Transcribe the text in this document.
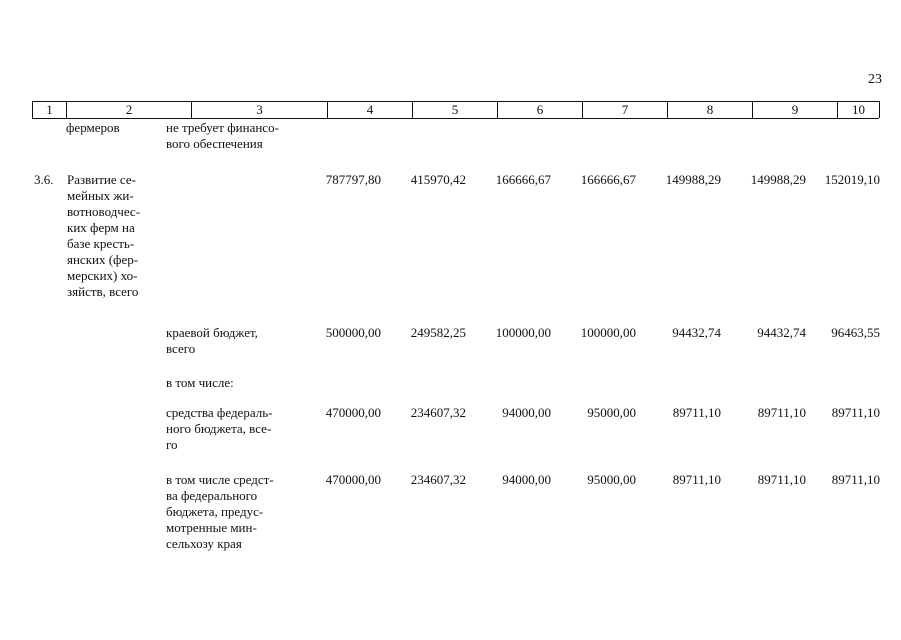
23
1	2	3	4	5	6	7	8	9	10
фермеров	не требует финансо-
вого обеспечения
3.6.	Развитие се-
мейных жи-
вотноводчес-
ких ферм на
базе кресть-
янских (фер-
мерских) хо-
зяйств, всего
787797,80	415970,42	166666,67	166666,67	149988,29	149988,29	152019,10
краевой бюджет,
всего
500000,00	249582,25	100000,00	100000,00	94432,74	94432,74	96463,55
в том числе:
средства федераль-
ного бюджета, все-
го
470000,00	234607,32	94000,00	95000,00	89711,10	89711,10	89711,10
в том числе средст-
ва федерального
бюджета, предус-
мотренные мин-
сельхозу края
470000,00	234607,32	94000,00	95000,00	89711,10	89711,10	89711,10
